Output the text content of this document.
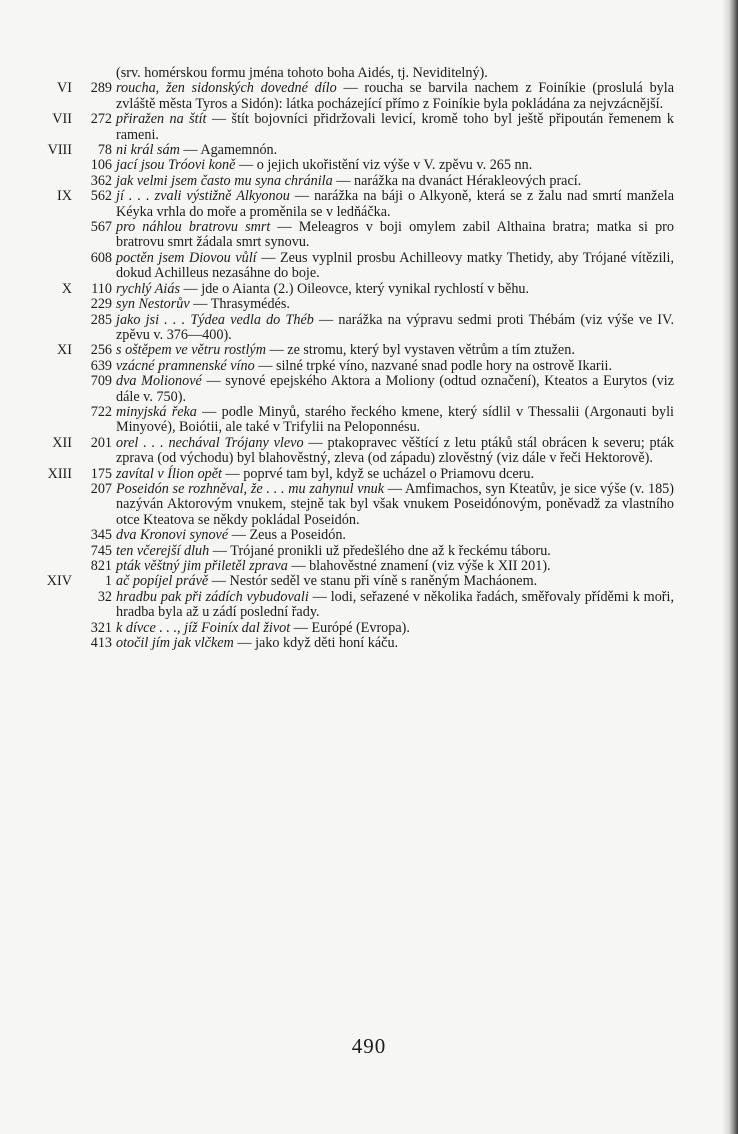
(srv. homérskou formu jména tohoto boha Aidés, tj. Neviditelný).
VI	289 roucha, žen sidonských dovedné dílo — roucha se barvila nachem z Foiníkie (proslulá byla zvláště města Tyros a Sidón): látka pocházející přímo z Foiníkie byla pokládána za nejvzácnější.
VII	272 přiražen na štít — štít bojovníci přidržovali levicí, kromě toho byl ještě připoután řemenem k rameni.
VIII	78 ni král sám — Agamemnón.
106 jací jsou Tróovi koně — o jejich ukořistění viz výše v V. zpěvu v. 265 nn.
362 jak velmi jsem často mu syna chránila — narážka na dvanáct Hérakleových prací.
IX	562 jí . . . zvali výstižně Alkyonou — narážka na báji o Alkyoně, která se z žalu nad smrtí manžela Kéyka vrhla do moře a proměnila se v ledňáčka.
567 pro náhlou bratrovu smrt — Meleagros v boji omylem zabil Althaina bratra; matka si pro bratrovu smrt žádala smrt synovu.
608 poctěn jsem Diovou vůlí — Zeus vyplnil prosbu Achilleovy matky Thetidy, aby Trójané vítězili, dokud Achilleus nezasáhne do boje.
X	110 rychlý Aiás — jde o Aianta (2.) Oileovce, který vynikal rychlostí v běhu.
229 syn Nestorův — Thrasymédés.
285 jako jsi . . . Týdea vedla do Théb — narážka na výpravu sedmi proti Thébám (viz výše ve IV. zpěvu v. 376—400).
XI	256 s oštěpem ve větru rostlým — ze stromu, který byl vystaven větrům a tím ztužen.
639 vzácné pramnenské víno — silné trpké víno, nazvané snad podle hory na ostrově Ikarii.
709 dva Molionové — synové epejského Aktora a Moliony (odtud označení), Kteatos a Eurytos (viz dále v. 750).
722 minyjská řeka — podle Minyů, starého řeckého kmene, který sídlil v Thessalii (Argonauti byli Minyové), Boiótii, ale také v Trifylii na Peloponnésu.
XII	201 orel . . . nechával Trójany vlevo — ptakopravec věštící z letu ptáků stál obrácen k severu; pták zprava (od východu) byl blahověstný, zleva (od západu) zlověstný (viz dále v řeči Hektorově).
XIII	175 zavítal v Ílion opět — poprvé tam byl, když se ucházel o Priamovu dceru.
207 Poseidón se rozhněval, že . . . mu zahynul vnuk — Amfimachos, syn Kteatův, je sice výše (v. 185) nazýván Aktorovým vnukem, stejně tak byl však vnukem Poseidónovým, poněvadž za vlastního otce Kteatova se někdy pokládal Poseidón.
345 dva Kronovi synové — Zeus a Poseidón.
745 ten včerejší dluh — Trójané pronikli už předešlého dne až k řeckému táboru.
821 pták věštný jim přiletěl zprava — blahověstné znamení (viz výše k XII 201).
XIV	1 ač popíjel právě — Nestór seděl ve stanu při víně s raněným Macháonem.
32 hradbu pak při zádích vybudovali — lodi, seřazené v několika řadách, směřovaly příděmi k moři, hradba byla až u zádí poslední řady.
321 k dívce . . ., jíž Foiníx dal život — Európé (Evropa).
413 otočil jím jak vlčkem — jako když děti honí káču.
490
